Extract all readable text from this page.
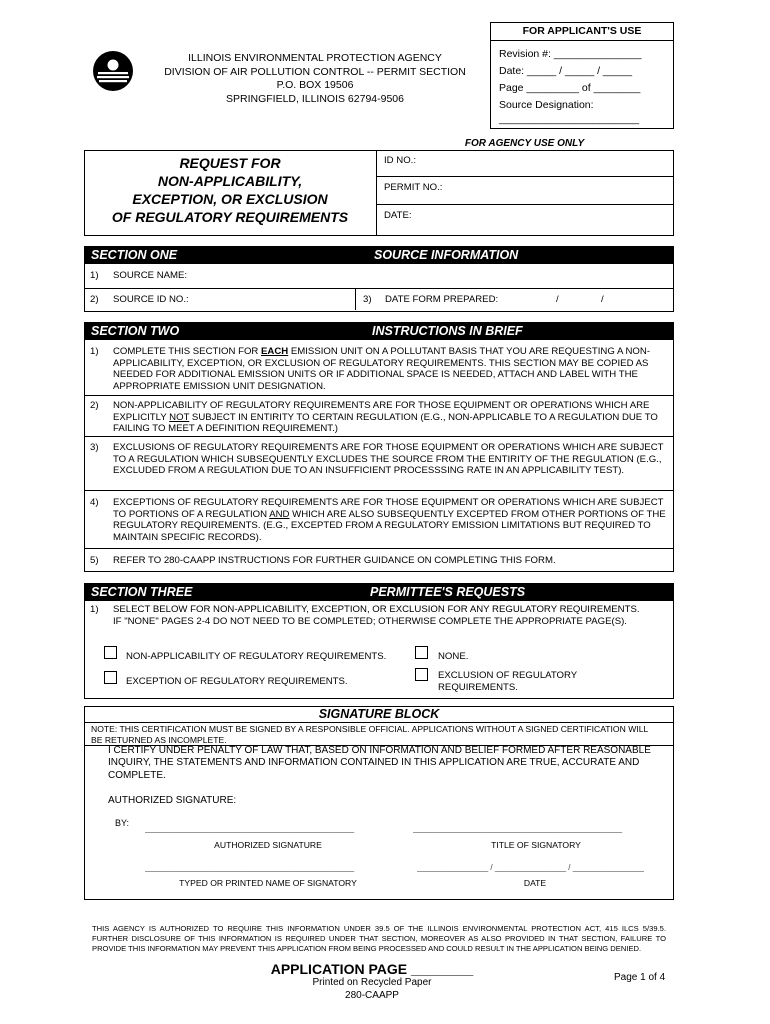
ILLINOIS ENVIRONMENTAL PROTECTION AGENCY
DIVISION OF AIR POLLUTION CONTROL -- PERMIT SECTION
P.O. BOX 19506
SPRINGFIELD, ILLINOIS 62794-9506
FOR APPLICANT'S USE
Revision #: _______________
Date: _____ / _____ / _____
Page _________ of ________
Source Designation:
________________________
FOR AGENCY USE ONLY
REQUEST FOR
NON-APPLICABILITY,
EXCEPTION, OR EXCLUSION
OF REGULATORY REQUIREMENTS
ID NO.:
PERMIT NO.:
DATE:
SECTION ONE	SOURCE INFORMATION
1) SOURCE NAME:
2) SOURCE ID NO.:	3) DATE FORM PREPARED:	/	/
SECTION TWO	INSTRUCTIONS IN BRIEF
1) COMPLETE THIS SECTION FOR EACH EMISSION UNIT ON A POLLUTANT BASIS THAT YOU ARE REQUESTING A NON-APPLICABILITY, EXCEPTION, OR EXCLUSION OF REGULATORY REQUIREMENTS. THIS SECTION MAY BE COPIED AS NEEDED FOR ADDITIONAL EMISSION UNITS OR IF ADDITIONAL SPACE IS NEEDED, ATTACH AND LABEL WITH THE APPROPRIATE EMISSION UNIT DESIGNATION.
2) NON-APPLICABILITY OF REGULATORY REQUIREMENTS ARE FOR THOSE EQUIPMENT OR OPERATIONS WHICH ARE EXPLICITLY NOT SUBJECT IN ENTIRITY TO CERTAIN REGULATION (E.G., NON-APPLICABLE TO A REGULATION DUE TO FAILING TO MEET A DEFINITION REQUIREMENT.)
3) EXCLUSIONS OF REGULATORY REQUIREMENTS ARE FOR THOSE EQUIPMENT OR OPERATIONS WHICH ARE SUBJECT TO A REGULATION WHICH SUBSEQUENTLY EXCLUDES THE SOURCE FROM THE ENTIRITY OF THE REGULATION (E.G., EXCLUDED FROM A REGULATION DUE TO AN INSUFFICIENT PROCESSSING RATE IN AN APPLICABILITY TEST).
4) EXCEPTIONS OF REGULATORY REQUIREMENTS ARE FOR THOSE EQUIPMENT OR OPERATIONS WHICH ARE SUBJECT TO PORTIONS OF A REGULATION AND WHICH ARE ALSO SUBSEQUENTLY EXCEPTED FROM OTHER PORTIONS OF THE REGULATORY REQUIREMENTS. (E.G., EXCEPTED FROM A REGULATORY EMISSION LIMITATIONS BUT REQUIRED TO MAINTAIN SPECIFIC RECORDS).
5) REFER TO 280-CAAPP INSTRUCTIONS FOR FURTHER GUIDANCE ON COMPLETING THIS FORM.
SECTION THREE	PERMITTEE'S REQUESTS
1) SELECT BELOW FOR NON-APPLICABILITY, EXCEPTION, OR EXCLUSION FOR ANY REGULATORY REQUIREMENTS. IF "NONE" PAGES 2-4 DO NOT NEED TO BE COMPLETED; OTHERWISE COMPLETE THE APPROPRIATE PAGE(S).
NON-APPLICABILITY OF REGULATORY REQUIREMENTS.	NONE.
EXCEPTION OF REGULATORY REQUIREMENTS.
EXCLUSION OF REGULATORY REQUIREMENTS.
SIGNATURE BLOCK
NOTE: THIS CERTIFICATION MUST BE SIGNED BY A RESPONSIBLE OFFICIAL. APPLICATIONS WITHOUT A SIGNED CERTIFICATION WILL BE RETURNED AS INCOMPLETE.
I CERTIFY UNDER PENALTY OF LAW THAT, BASED ON INFORMATION AND BELIEF FORMED AFTER REASONABLE INQUIRY, THE STATEMENTS AND INFORMATION CONTAINED IN THIS APPLICATION ARE TRUE, ACCURATE AND COMPLETE.
AUTHORIZED SIGNATURE:
BY:
_______________________________________________	_______________________________________________
AUTHORIZED SIGNATURE	TITLE OF SIGNATORY
_______________________________________________	________________ / ________________ / ________________
TYPED OR PRINTED NAME OF SIGNATORY	DATE
THIS AGENCY IS AUTHORIZED TO REQUIRE THIS INFORMATION UNDER 39.5 OF THE ILLINOIS ENVIRONMENTAL PROTECTION ACT, 415 ILCS 5/39.5. FURTHER DISCLOSURE OF THIS INFORMATION IS REQUIRED UNDER THAT SECTION, MOREOVER AS ALSO PROVIDED IN THAT SECTION, FAILURE TO PROVIDE THIS INFORMATION MAY PREVENT THIS APPLICATION FROM BEING PROCESSED AND COULD RESULT IN THE APPLICATION BEING DENIED.
APPLICATION PAGE ________
Printed on Recycled Paper
280-CAAPP
Page 1 of 4
